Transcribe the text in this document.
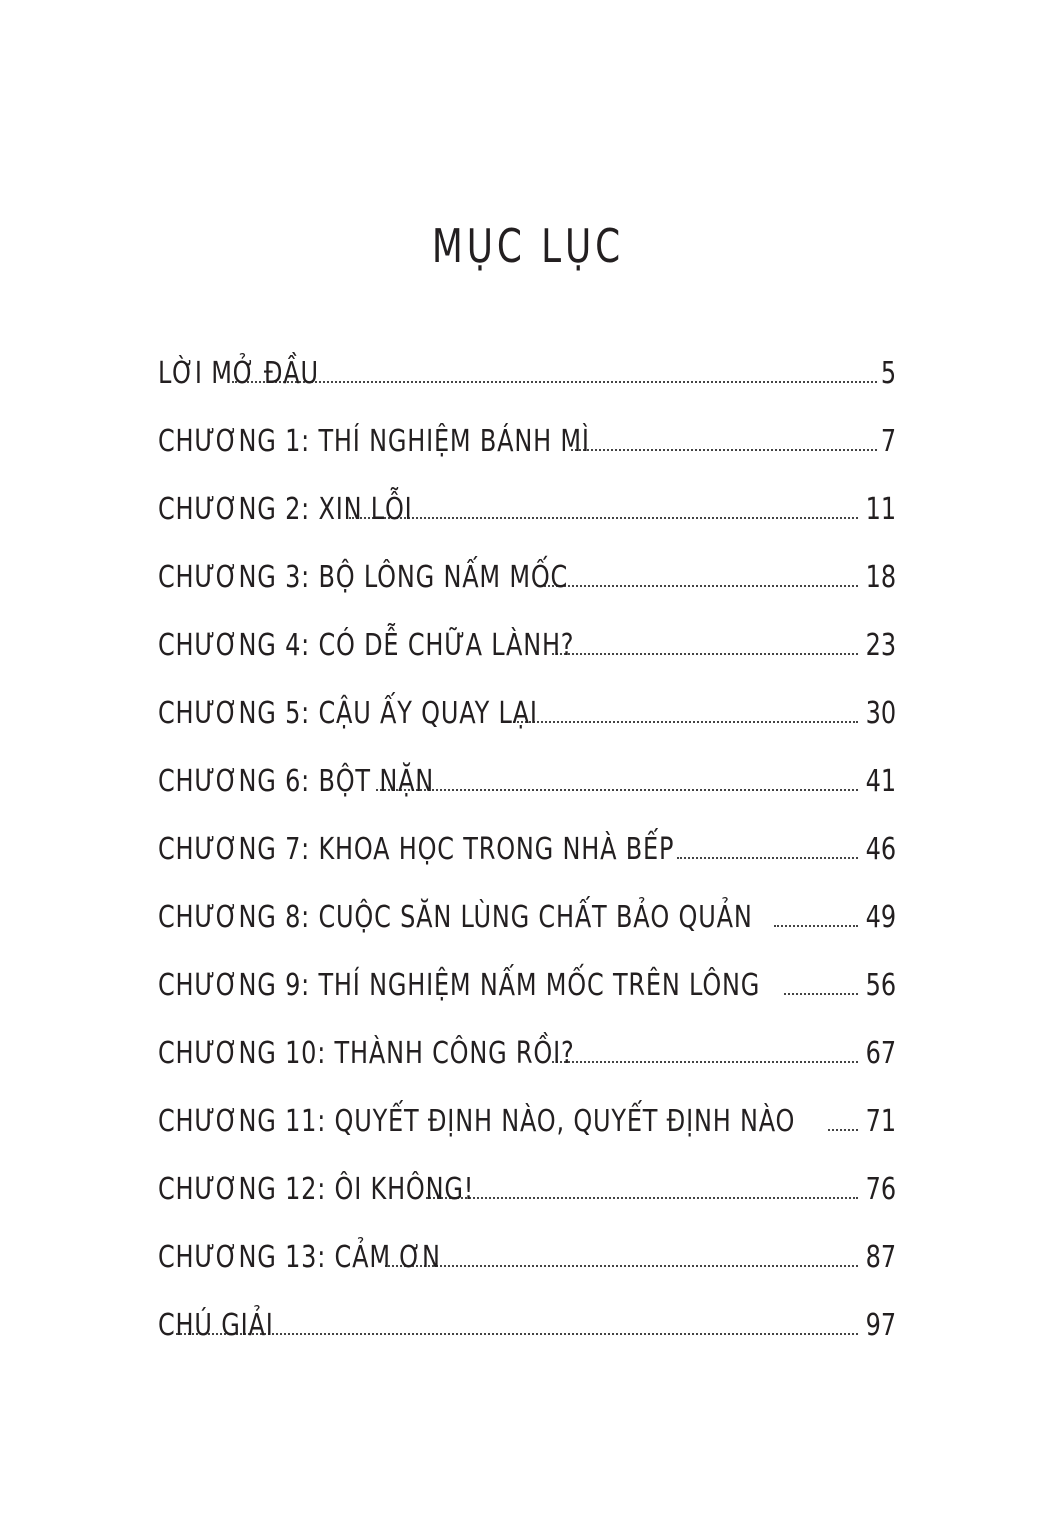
MỤC LỤC
LỜI MỞ ĐẦU	5
CHƯƠNG 1: THÍ NGHIỆM BÁNH MÌ	7
CHƯƠNG 2: XIN LỖI	11
CHƯƠNG 3: BỘ LÔNG NẤM MỐC	18
CHƯƠNG 4: CÓ DỄ CHỮA LÀNH?	23
CHƯƠNG 5: CẬU ẤY QUAY LẠI	30
CHƯƠNG 6: BỘT NẶN	41
CHƯƠNG 7: KHOA HỌC TRONG NHÀ BẾP	46
CHƯƠNG 8: CUỘC SĂN LÙNG CHẤT BẢO QUẢN	49
CHƯƠNG 9: THÍ NGHIỆM NẤM MỐC TRÊN LÔNG	56
CHƯƠNG 10: THÀNH CÔNG RỒI?	67
CHƯƠNG 11: QUYẾT ĐỊNH NÀO, QUYẾT ĐỊNH NÀO 71
CHƯƠNG 12: ÔI KHÔNG!	76
CHƯƠNG 13: CẢM ƠN	87
CHÚ GIẢI	97
